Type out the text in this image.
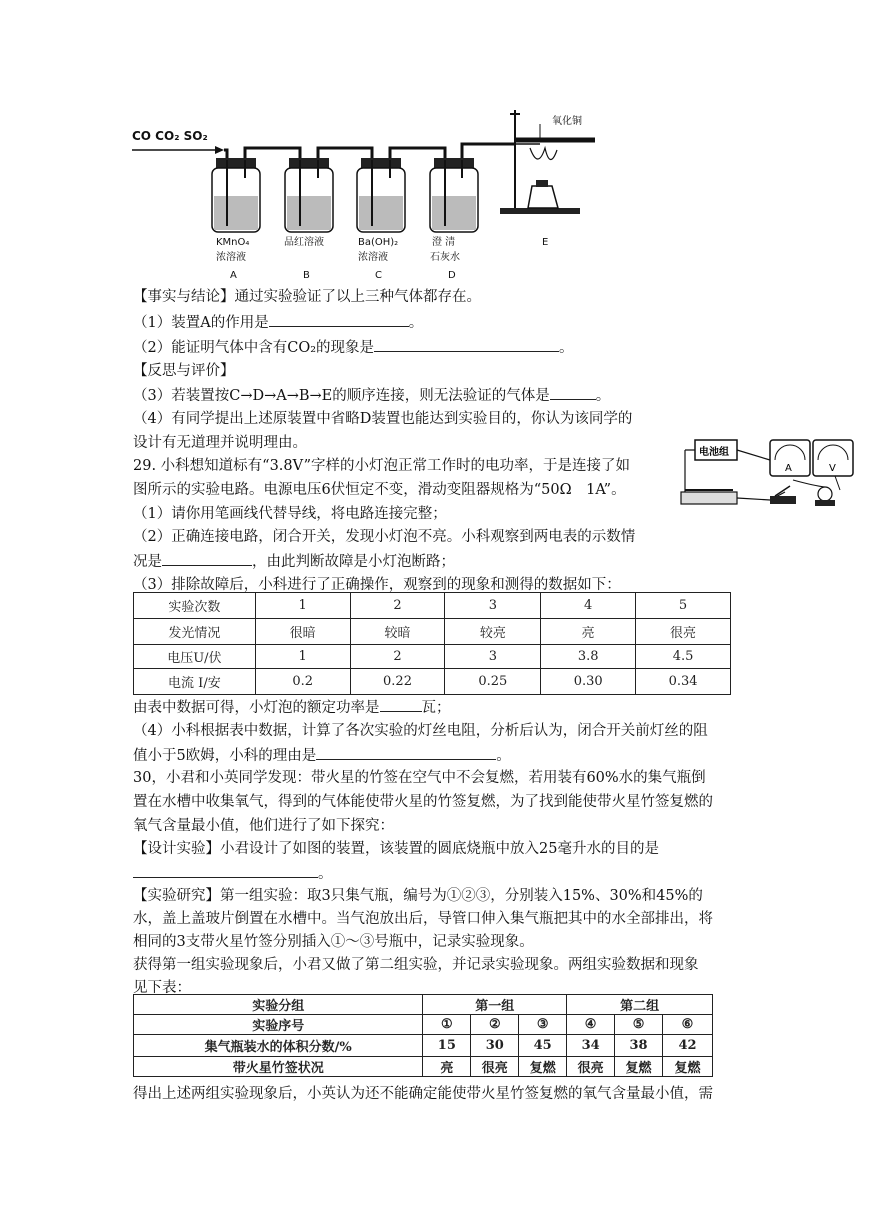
CO CO₂ SO₂
氧化铜
KMnO₄
浓溶液
A
品红溶液
B
Ba(OH)₂
浓溶液
C
澄 清
石灰水
D
E
【事实与结论】通过实验验证了以上三种气体都存在。
（1）装置A的作用是	。
（2）能证明气体中含有CO₂的现象是	。
【反思与评价】
（3）若装置按C→D→A→B→E的顺序连接，则无法验证的气体是	。
（4）有同学提出上述原装置中省略D装置也能达到实验目的，你认为该同学的
设计有无道理并说明理由。
29. 小科想知道标有“3.8V”字样的小灯泡正常工作时的电功率，于是连接了如
图所示的实验电路。电源电压6伏恒定不变，滑动变阻器规格为“50Ω　1A”。
（1）请你用笔画线代替导线，将电路连接完整；
（2）正确连接电路，闭合开关，发现小灯泡不亮。小科观察到两电表的示数情
况是	，由此判断故障是小灯泡断路；
（3）排除故障后，小科进行了正确操作，观察到的现象和测得的数据如下：
电池组
A	V
实验次数	1	2	3	4	5
发光情况	很暗	较暗	较亮	亮	很亮
电压U/伏	1	2	3	3.8	4.5
电流 I/安	0.2	0.22	0.25	0.30	0.34
由表中数据可得，小灯泡的额定功率是	瓦；
（4）小科根据表中数据，计算了各次实验的灯丝电阻，分析后认为，闭合开关前灯丝的阻
值小于5欧姆，小科的理由是	。
30，小君和小英同学发现：带火星的竹签在空气中不会复燃，若用装有60%水的集气瓶倒
置在水槽中收集氧气，得到的气体能使带火星的竹签复燃，为了找到能使带火星竹签复燃的
氧气含量最小值，他们进行了如下探究：
【设计实验】小君设计了如图的装置，该装置的圆底烧瓶中放入25毫升水的目的是
。
【实验研究】第一组实验：取3只集气瓶，编号为①②③，分别装入15%、30%和45%的
水，盖上盖玻片倒置在水槽中。当气泡放出后，导管口伸入集气瓶把其中的水全部排出，将
相同的3支带火星竹签分别插入①～③号瓶中，记录实验现象。
获得第一组实验现象后，小君又做了第二组实验，并记录实验现象。两组实验数据和现象
见下表：
实验分组	第一组			第二组		
实验序号	①	②	③	④	⑤	⑥
集气瓶装水的体积分数/%	15	30	45	34	38	42
带火星竹签状况	亮	很亮	复燃	很亮	复燃	复燃
得出上述两组实验现象后，小英认为还不能确定能使带火星竹签复燃的氧气含量最小值，需
